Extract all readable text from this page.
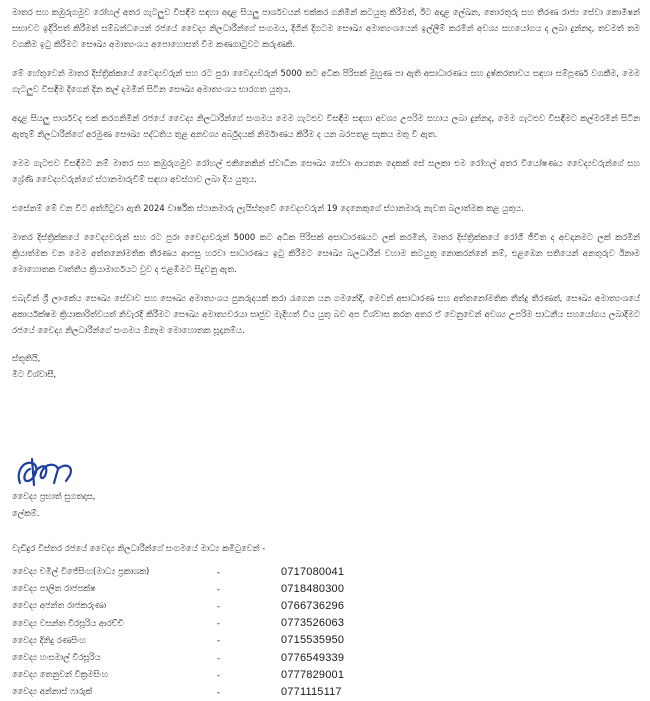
මාතර සහ කඹුරුගමුව රෝහල් අතර ගැටලුව විසඳීම සඳහා අදාළ සියලු පාර්ශවයන් එක්කර ගනිමින් කටයුතු කිරීමත්, ඊට අදාළ ලේඛන, තොරතුරු සහ තීරණ රාජ්‍ය සේවා කොමිෂන් සභාවට ඉදිරිපත් කිරීමත් සම්බන්ධයෙන් රජයේ වෛද්‍ය නිලධාරීන්ගේ සංගමය, දිගින් දිගටම සෞඛ්‍ය අමාත්‍යංශයෙන් ඉල්ලීම් කරමින් අවශ්‍ය සහයෝගය ද ලබා දුන්නද, තවමත් තම වගකීම ඉටු කිරීමට සෞඛ්‍ය අමාත්‍යංශය අපොහොසත් වීම කණගාටුවට කරුණකි.

මේ හේතුවෙන් මාතර දිස්ත්‍රික්කයේ වෛද්‍යවරුන් සහ රට පුරා වෛද්‍යවරුන් 5000 කට අධික පිරිසක් මුහුණ පා ඇති අසාධාරණය සහ දුෂ්කරතාවය සඳහා සම්පූර්ණ වගකීම, මෙම ගැටලුව විසඳීම දිගෙන් දින කල් දමමින් සිටින සෞඛ්‍ය අමාත්‍යංශය භාරගත යුතුය.

අදාළ සියලු පාර්ශවද එක් කරගනිමින් රජයේ වෛද්‍ය නිලධාරීන්ගේ සංගමය මෙම ගැටළුව විසඳීම සඳහා අවශ්‍ය උපරිම සහාය ලබා දුන්නද, මෙම ගැටළුව විසඳීමට කල්මරමින් සිටින ඇතැම් නිලධාරීන්ගේ අරමුණ සෞඛ්‍ය පද්ධතිය තුළ අනවශ්‍ය අර්බුදයක් නිර්මාණය කිරීම ද යන බරපතළ සැකය මතු වී ඇත.

මෙම ගැටළුව විසඳීමට නම් මාතර සහ කඹුරුගමුව රෝහල් එකිනෙකින් ස්වාධීන සෞඛ්‍ය සේවා ආයතන දෙකක් සේ සලකා එම රෝහල් අතර වියෝෂණය වෛද්‍යවරුන්ගේ සහ ශ්‍රේණි වෛද්‍යවරුන්ගේ ස්ථානමාරුවීම් සඳහා අවස්ථාව ලබා දිය යුතුය.

එසේනම් මේ වන විට අත්හිටුවා ඇති 2024 වාර්ෂික ස්ථානමාරු ලැයිස්තුවේ වෛද්‍යවරුන් 19 දෙනෙකුගේ ස්ථානමාරු නැවත බලාත්මක කළ යුතුය.

මාතර දිස්ත්‍රික්කයේ වෛද්‍යවරුන් සහ රට පුරා වෛද්‍යවරුන් 5000 කට අධික පිරිසක් අසාධාරණයට ලක් කරමින්, මාතර දිස්ත්‍රික්කයේ රෝගී ජීවිත ද අවදානමට ලක් කරමින් ක්‍රියාත්මක වන මෙම අත්තනෝමතික තීරණය ආපසු හරවා සාධාරණය ඉටු කිරීමට සෞඛ්‍ය බලධාරීන් වහාම කටයුතු නොකරන්නේ නම්, එළඹෙන සතියෙන් අනතුරුව ඊනෘම මොහොතක වෘත්තීය ක්‍රියාමාර්ගයට වුව ද එළඹීමට සිදුවනු ඇත.

එබැවින් ශ්‍රී ලාංකේය සෞඛ්‍ය සේවාව සහ සෞඛ්‍ය අමාත්‍යංශය පුනරුදයක් කරා රැගෙන යන ගමනේදී, මෙවන් අසාධාරණ සහ අත්තනෝමතික තීන්දු තීරණත්, සෞඛ්‍ය අමාත්‍යංශයේ අකාර්යක්ෂම ක්‍රියාකාරිත්වයත් නිවැරදි කිරීමට සෞඛ්‍ය අමාත්‍යවරයා සෘජුව මැදිහත් විය යුතු බව අප විශ්වාස කරන අතර ඒ වෙනුවෙන් අවශ්‍ය උපරිම සාධනීය සහයෝගය ලබාදීමට රජයේ වෛද්‍ය නිලධාරීන්ගේ සංගමය ඕනෑම මොහොතක සූදානම්ය.

ස්තූතියි,

මීට විශ්වාසී,

වෛද්‍ය ප්‍රභාත් සුගතදාස,
ලේකම්.
වැඩිදුර විස්තර රජයේ වෛද්‍ය නිලධාරීන්ගේ සංගමයේ මාධ්‍ය කමිටුවෙන් -
වෛද්‍ය චමිල් විජේසිංහ(මාධ්‍ය ප්‍රකාශක)	-	0717080041
වෛද්‍ය පාලිත රාජපක්ෂ	-	0718480300
වෛද්‍ය අජන්ත රාජකරුණා	-	0766736296
වෛද්‍ය වසන්ත වීරසූරිය ආරච්චි	-	0773526063
වෛද්‍ය දිනිදු රණසිංහ	-	0715535950
වෛද්‍ය හංසමාල් වීරසූරිය	-	0776549339
වෛද්‍ය තෙනුවන් වික්‍රමසිංහ	-	0777829001
වෛද්‍ය අන්නාස් ෆාරුක්	-	0771115117
